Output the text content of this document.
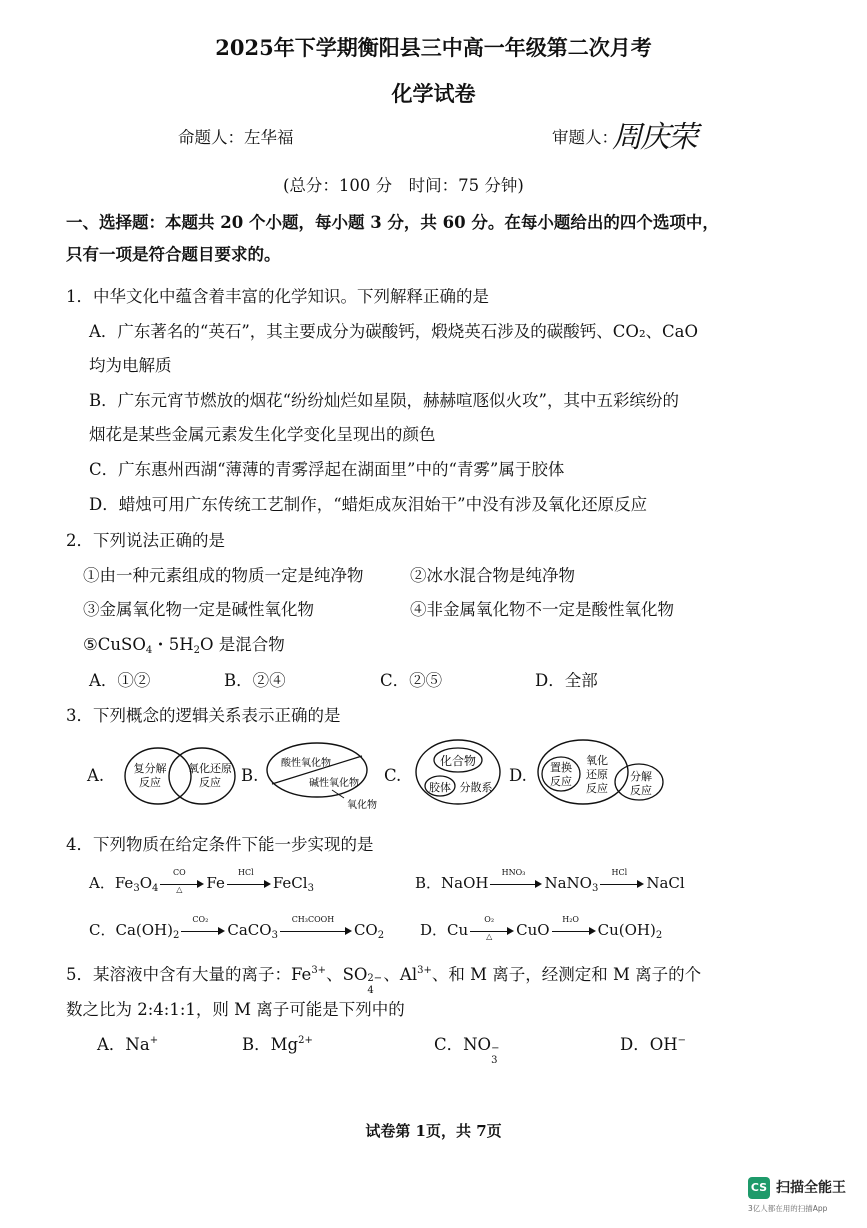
2025年下学期衡阳县三中高一年级第二次月考
化学试卷
命题人：左华福	审题人：
周庆荣
(总分：100 分　时间：75 分钟)
一、选择题：本题共 20 个小题，每小题 3 分，共 60 分。在每小题给出的四个选项中，
只有一项是符合题目要求的。
1．中华文化中蕴含着丰富的化学知识。下列解释正确的是
A．广东著名的“英石”，其主要成分为碳酸钙，煅烧英石涉及的碳酸钙、CO₂、CaO
均为电解质
B．广东元宵节燃放的烟花“纷纷灿烂如星陨，赫赫喧豗似火攻”，其中五彩缤纷的
烟花是某些金属元素发生化学变化呈现出的颜色
C．广东惠州西湖“薄薄的青雾浮起在湖面里”中的“青雾”属于胶体
D．蜡烛可用广东传统工艺制作，“蜡炬成灰泪始干”中没有涉及氧化还原反应
2．下列说法正确的是
①由一种元素组成的物质一定是纯净物	②冰水混合物是纯净物
③金属氧化物一定是碱性氧化物	④非金属氧化物不一定是酸性氧化物
⑤CuSO$_4$・$5H_2O$ 是混合物
A．①②	B．②④	C．②⑤	D．全部
3．下列概念的逻辑关系表示正确的是
A.	复分解
反应
氧化还原
反应 B.
酸性氧化物
碱性氧化物
氧化物
C.
化合物
胶体 分散系
D. 置换
反应
氧化
还原
反应
分解
反应
4．下列物质在给定条件下能一步实现的是
A．$Fe_3O_4$
CO
△	Fe
HCl
FeCl$_3$	B．NaOH
HNO₃
NaNO$_3$
HCl
NaCl
C．$Ca(OH)_2$
CO₂
CaCO$_3$
CH₃COOH
$CO_2$ D．Cu
O₂
△	CuO
H₂O
$Cu(OH)_2$
5．某溶液中含有大量的离子：$Fe^{3+}$、SO 2−
4
、$Al^{3+}$、和 M 离子，经测定和 M 离子的个
数之比为 2:4:1:1，则 M 离子可能是下列中的
A．Na+	B．$Mg^{2+}$	C．NO −
3
D．OH−
试卷第 1页，共 7页
CS 扫描全能王
3亿人都在用的扫描App
